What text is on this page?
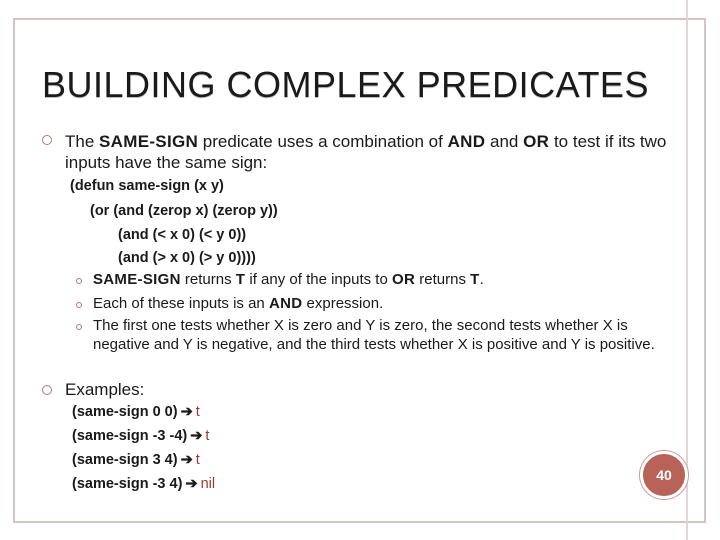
BUILDING COMPLEX PREDICATES
The SAME-SIGN predicate uses a combination of AND and OR to test if its two inputs have the same sign:
(defun same-sign (x y)
(or (and (zerop x) (zerop y))
(and (< x 0) (< y 0))
(and (> x 0) (> y 0))))
SAME-SIGN returns T if any of the inputs to OR returns T.
Each of these inputs is an AND expression.
The first one tests whether X is zero and Y is zero, the second tests whether X is negative and Y is negative, and the third tests whether X is positive and Y is positive.
Examples:
(same-sign 0 0) ➔ t
(same-sign -3 -4) ➔ t
(same-sign 3 4) ➔ t
(same-sign -3 4) ➔ nil
40
